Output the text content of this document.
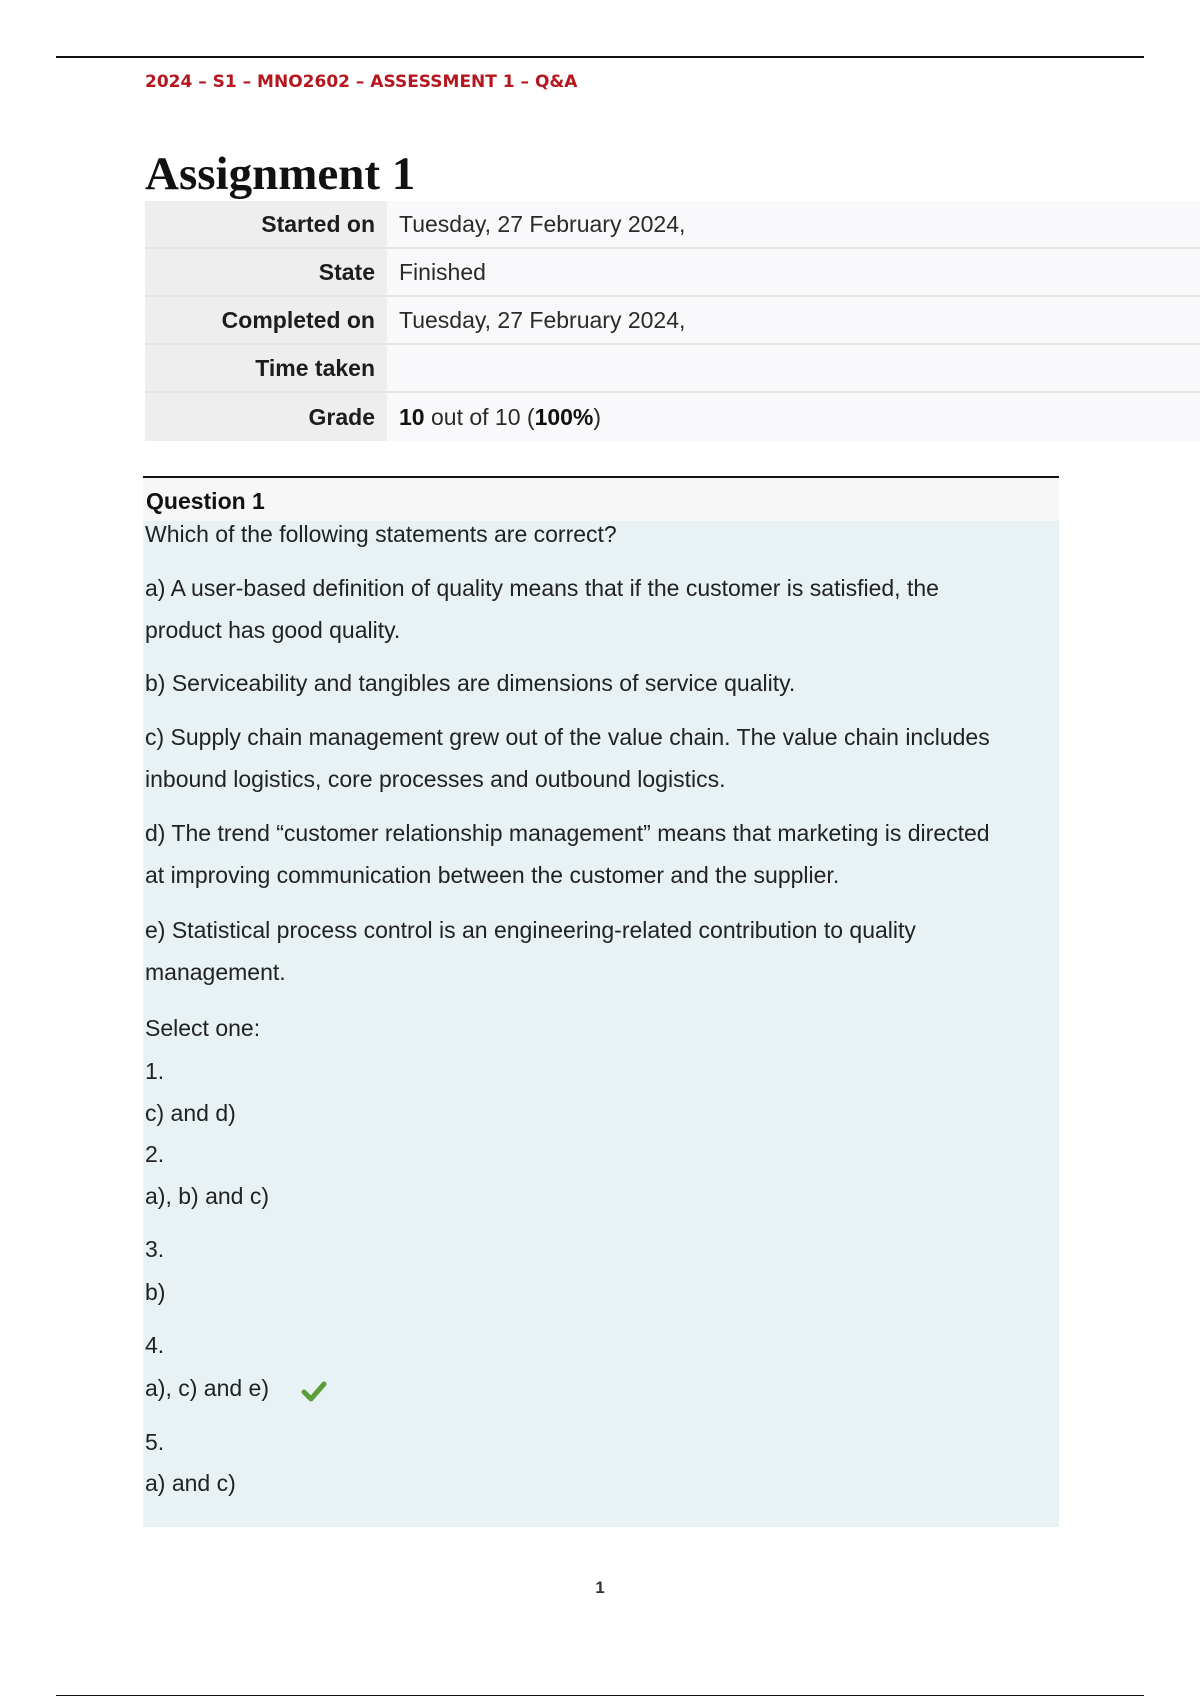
2024 – S1 – MNO2602 – ASSESSMENT 1 – Q&A
Assignment 1
Started on	Tuesday, 27 February 2024,
State	Finished
Completed on	Tuesday, 27 February 2024,
Time taken	
Grade	10 out of 10 (100%)
Question 1
Which of the following statements are correct?
a) A user-based definition of quality means that if the customer is satisfied, the
product has good quality.
b) Serviceability and tangibles are dimensions of service quality.
c) Supply chain management grew out of the value chain. The value chain includes
inbound logistics, core processes and outbound logistics.
d) The trend “customer relationship management” means that marketing is directed
at improving communication between the customer and the supplier.
e) Statistical process control is an engineering-related contribution to quality
management.
Select one:
1.
c) and d)
2.
a), b) and c)
3.
b)
4.
a), c) and e)
5.
a) and c)
1
